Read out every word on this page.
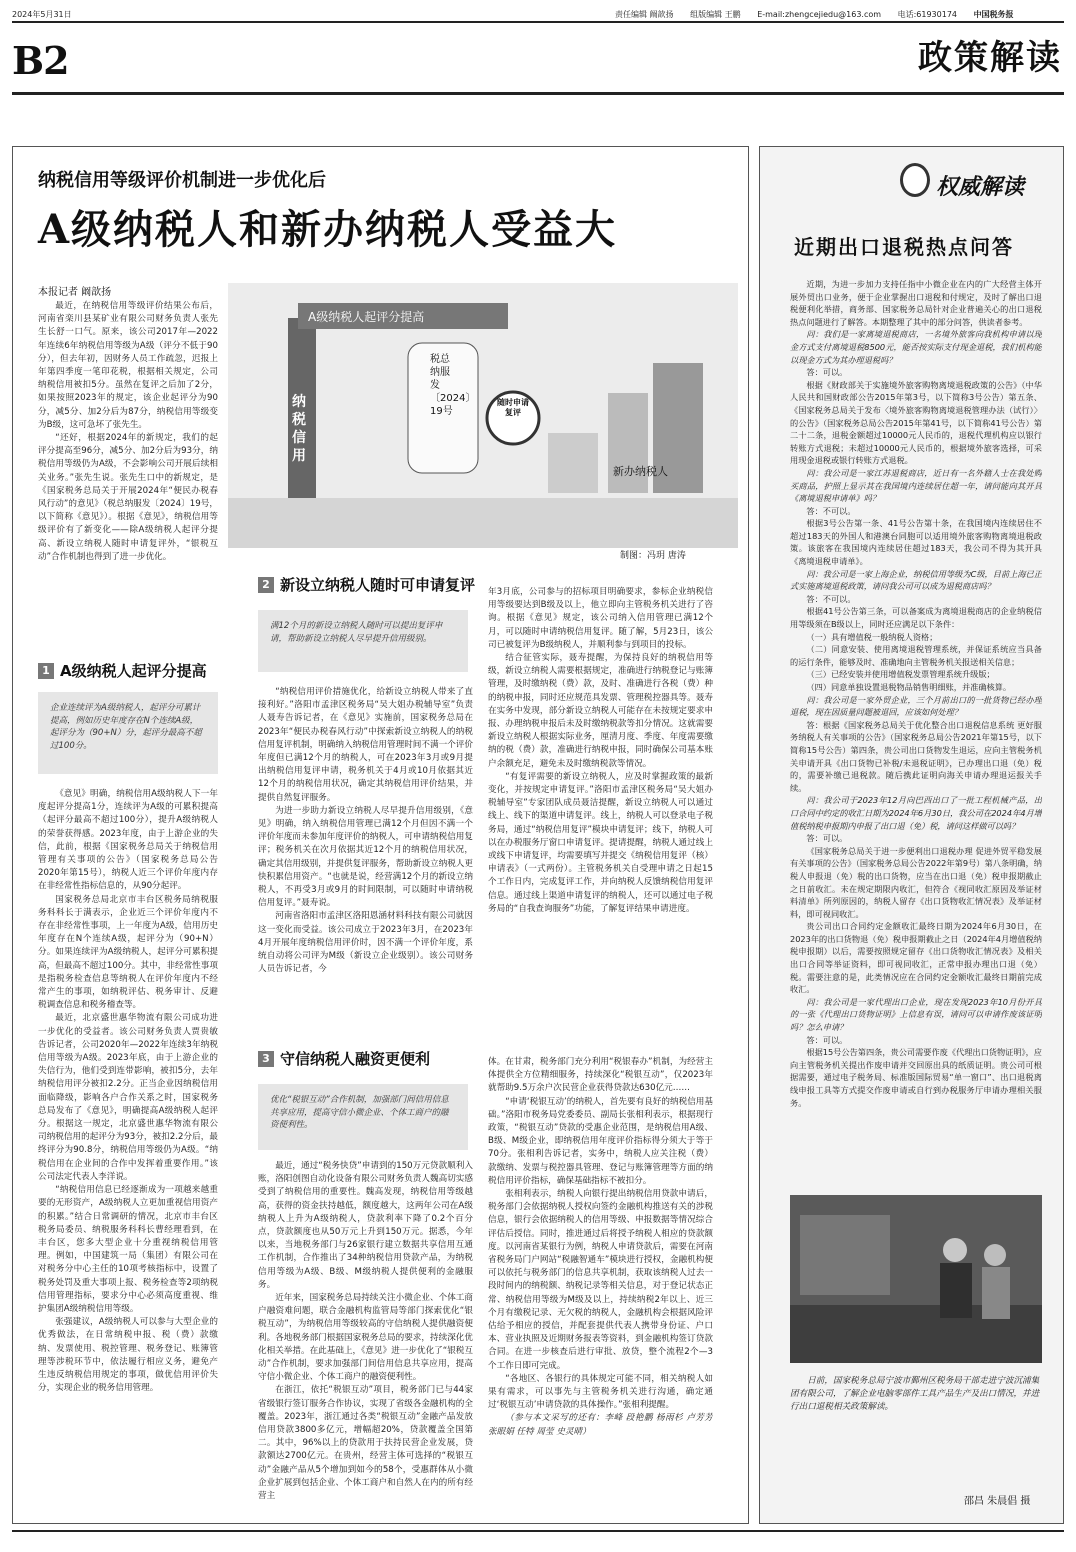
2024年5月31日	责任编辑 阚歆扬 组版编辑 王鹏 E-mail:zhengcejiedu@163.com 电话:61930174 中国税务报
B2	政策解读
纳税信用等级评价机制进一步优化后
A级纳税人和新办纳税人受益大
本报记者 阚歆扬

最近，在纳税信用等级评价结果公布后，河南省栾川县某矿业有限公司财务负责人张先生长舒一口气。原来，该公司2017年—2022年连续6年纳税信用等级为A级（评分不低于90分），但去年初，因财务人员工作疏忽，迟报上年第四季度一笔印花税，根据相关规定，公司纳税信用被扣5分。虽然在复评之后加了2分，如果按照2023年的规定，该企业起评分为90分，减5分、加2分后为87分，纳税信用等级变为B级，这可急坏了张先生。

“还好，根据2024年的新规定，我们的起评分提高至96分，减5分、加2分后为93分，纳税信用等级仍为A级，不会影响公司开展后续相关业务。”张先生说。张先生口中的新规定，是《国家税务总局关于开展2024年“便民办税春风行动”的意见》（税总纳服发〔2024〕19号，以下简称《意见》）。根据《意见》，纳税信用等级评价有了新变化——除A级纳税人起评分提高、新设立纳税人随时申请复评外，“银税互动”合作机制也得到了进一步优化。

1 A级纳税人起评分提高
企业连续评为A级纳税人，起评分可累计提高，例如历史年度存在N个连续A级，起评分为（90+N）分，起评分最高不超过100分。

《意见》明确，纳税信用A级纳税人下一年度起评分提高1分，连续评为A级的可累积提高（起评分最高不超过100分），提升A级纳税人的荣誉获得感。2023年度，由于上游企业的失信，此前，根据《国家税务总局关于纳税信用管理有关事项的公告》（国家税务总局公告2020年第15号），纳税人近三个评价年度内存在非经常性指标信息的，从90分起评。

国家税务总局北京市丰台区税务局纳税服务科科长于满表示，企业近三个评价年度内不存在非经常性事项，上一年度为A级，信用历史年度存在N个连续A级，起评分为（90+N）分。如果连续评为A级纳税人，起评分可累积提高，但最高不超过100分。其中，非经常性事项是指税务检查信息等纳税人在评价年度内不经常产生的事项，如纳税评估、税务审计、反避税调查信息和税务稽查等。

最近，北京盛世惠华物流有限公司成功进一步优化的受益者。该公司财务负责人贾贵敏告诉记者，公司2020年—2022年连续3年纳税信用等级为A级。2023年底，由于上游企业的失信行为，他们受到连带影响，被扣5分，去年纳税信用评分被扣2.2分。正当企业因纳税信用面临降级，影响各户合作关系之时，国家税务总局发布了《意见》，明确提高A级纳税人起评分。根据这一规定，北京盛世惠华物流有限公司纳税信用的起评分为93分，被扣2.2分后，最终评分为90.8分，纳税信用等级仍为A级。“纳税信用在企业间的合作中发挥着重要作用。”该公司法定代表人李洋说。

“纳税信用信息已经逐渐成为一项越来越重要的无形资产，A级纳税人立更加重视信用资产的积累。”结合日常调研的情况，北京市丰台区税务局委员、纳税服务科科长曹经理看到，在丰台区，您多大型企业十分重视纳税信用管理。例如，中国建筑一局（集团）有限公司在对税务分中心主任的10项考核指标中，设置了税务处罚及重大事项上报、税务检查等2项纳税信用管理指标，要求分中心必须高度重视、维护集团A级纳税信用等级。

张强建议，A级纳税人可以参与大型企业的优秀做法，在日常纳税申报、税（费）款缴纳、发票使用、税控管理、税务登记、账簿管理等涉税环节中，依法履行相应义务，避免产生违反纳税信用规定的事项，做优信用评价失分，实现企业的税务信用管理。

A级纳税人起评分提高
纳税信用
税总纳服发〔2024〕19号
随时申请复评
新办纳税人
制图：冯玥 唐涛
2 新设立纳税人随时可申请复评
满12个月的新设立纳税人随时可以提出复评申请，帮助新设立纳税人尽早提升信用级别。

“纳税信用评价措施优化，给新设立纳税人带来了直接利好。”洛阳市孟津区税务局“吴大姐办税辅导室”负责人聂寿告诉记者，在《意见》实施前，国家税务总局在2023年“便民办税春风行动”中探索新设立纳税人的纳税信用复评机制，明确纳入纳税信用管理时间不满一个评价年度但已满12个月的纳税人，可在2023年3月或9月提出纳税信用复评申请，税务机关于4月或10月依据其近12个月的纳税信用状况，确定其纳税信用评价结果，并提供自然复评服务。

为进一步助力新设立纳税人尽早提升信用级别，《意见》明确，纳入纳税信用管理已满12个月但因不满一个评价年度而未参加年度评价的纳税人，可申请纳税信用复评；税务机关在次月依据其近12个月的纳税信用状况，确定其信用级别，并提供复评服务，帮助新设立纳税人更快积累信用资产。“也就是说，经营满12个月的新设立纳税人，不再受3月或9月的时间限制，可以随时申请纳税信用复评。”聂寿说。

河南省洛阳市孟津区洛阳恩涵材料科技有限公司就因这一变化而受益。该公司成立于2023年3月，在2023年4月开展年度纳税信用评价时，因不满一个评价年度，系统自动将公司评为M级（新设立企业级别）。该公司财务人员告诉记者，今

年3月底，公司参与的招标项目明确要求，参标企业纳税信用等级要达到B级及以上，他立即向主管税务机关进行了咨询。根据《意见》规定，该公司纳入信用管理已满12个月，可以随时申请纳税信用复评。随了解，5月23日，该公司已被复评为B级纳税人，并顺利参与到项目的投标。

结合征管实际，聂寿提醒，为保持良好的纳税信用等级，新设立纳税人需要根据规定，准确进行纳税登记与账簿管理，及时缴纳税（费）款，及时、准确进行各税（费）种的纳税申报，同时还应规范具发票、管理税控器具等。聂寿在实务中发现，部分新设立纳税人可能存在未按规定要求申报、办理纳税申报后未及时缴纳税款等扣分情况。这就需要新设立纳税人根据实际业务，厘清月度、季度、年度需要缴纳的税（费）款，准确进行纳税申报，同时确保公司基本账户余额充足，避免未及时缴纳税款等情况。

“有复评需要的新设立纳税人，应及时掌握政策的最新变化，并按规定申请复评。”洛阳市孟津区税务局“吴大姐办税辅导室”专家团队成员聂洁提醒，新设立纳税人可以通过线上、线下的渠道申请复评。线上，纳税人可以登录电子税务局，通过“纳税信用复评”模块申请复评；线下，纳税人可以在办税服务厅窗口申请复评。提请提醒，纳税人通过线上或线下申请复评，均需要填写并提交《纳税信用复评（核）申请表》（一式两份）。主管税务机关自受理申请之日起15个工作日内，完成复评工作，并向纳税人反馈纳税信用复评信息。通过线上渠道申请复评的纳税人，还可以通过电子税务局的“自我查询服务”功能，了解复评结果申请进度。

3 守信纳税人融资更便利
优化“税银互动”合作机制，加强部门间信用信息共享应用，提高守信小微企业、个体工商户的融资便利性。

最近，通过“税务快贷”申请到的150万元贷款顺利入账，洛阳创图自动化设备有限公司财务负责人魏高切实感受到了纳税信用的重要性。魏高发现，纳税信用等级越高，获得的资金扶持越低，额度越大，这两年公司在A级纳税人上升为A级纳税人，贷款利率下降了0.2个百分点，贷款额度也从50万元上升到150万元。据悉，今年以来，当地税务部门与26家银行建立数据共享信用互通工作机制，合作推出了34种纳税信用贷款产品，为纳税信用等级为A级、B级、M级纳税人提供便利的金融服务。

近年来，国家税务总局持续关注小微企业、个体工商户融资难问题，联合金融机构监管局等部门探索优化“银税互动”，为纳税信用等级较高的守信纳税人提供融资便利。各地税务部门根据国家税务总局的要求，持续深化优化相关举措。在此基础上，《意见》进一步优化了“银税互动”合作机制，要求加强部门间信用信息共享应用，提高守信小微企业、个体工商户的融资便利性。

在浙江，依托“税银互动”项目，税务部门已与44家省级银行签订服务合作协议，实现了省级各金融机构的全覆盖。2023年，浙江通过各类“税银互动”金融产品发放信用贷款3800多亿元，增幅超20%，贷款覆盖全国第二。其中，96%以上的贷款用于扶持民营企业发展，贷款额达2700亿元。在贵州，经营主体可选择的“税银互动”金融产品从5个增加到如今的58个，受惠群体从小微企业扩展到包括企业、个体工商户和自然人在内的所有经营主

体。在甘肃，税务部门充分利用“税银春办”机制，为经营主体提供全方位精细服务，持续深化“税银互动”，仅2023年就帮助9.5万余户次民营企业获得贷款达630亿元……

“申请‘税银互动’的纳税人，首先要有良好的纳税信用基础。”洛阳市税务局党委委员、副局长张相利表示，根据现行政策，“税银互动”贷款的受惠企业范围，是纳税信用A级、B级、M级企业，即纳税信用年度评价指标得分须大于等于70分。张相利告诉记者，实务中，纳税人应关注税（费）款缴纳、发票与税控器具管理、登记与账簿管理等方面的纳税信用评价指标，确保基础指标不被扣分。

张相利表示，纳税人向银行提出纳税信用贷款申请后，税务部门会依据纳税人授权向签约金融机构推送有关的涉税信息，银行会依据纳税人的信用等级、申报数据等情况综合评估后授信。同时，推进通过后将授予纳税人相应的贷款额度。以河南省某银行为例，纳税人申请贷款后，需要在河南省税务局门户网站“税融智通车”模块进行授权，金融机构便可以依托与税务部门的信息共享机制，获取该纳税人过去一段时间内的纳税额、纳税记录等相关信息，对于登记状态正常、纳税信用等级为M级及以上，持续纳税2年以上、近三个月有缴税记录、无欠税的纳税人，金融机构会根据风险评估给予相应的授信，并配套提供代表人携带身份证、户口本、营业执照及近期财务报表等资料，到金融机构签订贷款合同。在进一步核查后进行审批、放贷，整个流程2个—3个工作日即可完成。

“各地区、各银行的具体规定可能不同，相关纳税人如果有需求，可以事先与主管税务机关进行沟通，确定通过‘税银互动’申请贷款的具体操作。”张相利提醒。

（参与本文采写的还有：李峰 段艳鹏 杨雨杉 卢芳芳 张眼娟 任特 周莹 史灵晴）

权威解读
近期出口退税热点问答

近期，为进一步加力支持任指中小微企业在内的广大经营主体开展外贸出口业务，便于企业掌握出口退税和付规定，及时了解出口退税便利化举措，商务部、国家税务总局针对企业普遍关心的出口退税热点问题进行了解答。本期整理了其中的部分问答，供读者参考。

问：我们是一家离境退税商店，一名境外旅客向我机构申请以现金方式支付离境退税8500元，能否按实际支付现金退税，我们机构能以现金方式为其办理退税吗？

答：可以。

根据《财政部关于实施境外旅客购物离境退税政策的公告》（中华人民共和国财政部公告2015年第3号，以下简称3号公告）第五条、《国家税务总局关于发布〈境外旅客购物离境退税管理办法（试行）〉的公告》（国家税务总局公告2015年第41号，以下简称41号公告）第二十二条，退税金额超过10000元人民币的，退税代理机构应以银行转账方式退税；未超过10000元人民币的，根据境外旅客选择，可采用现金退税或银行转账方式退税。

问：我公司是一家江苏退税商店，近日有一名外籍人士在我处购买商品，护照上显示其在我国境内连续居住超一年，请问能向其开具《离境退税申请单》吗？

答：不可以。

根据3号公告第一条、41号公告第十条，在我国境内连续居住不超过183天的外国人和港澳台同胞可以适用境外旅客购物离境退税政策。该旅客在我国境内连续居住超过183天，我公司不得为其开具《离境退税申请单》。

问：我公司是一家上海企业，纳税信用等级为C级，目前上海已正式实施离境退税政策，请问我公司可以成为退税商店吗？

答：不可以。

根据41号公告第三条，可以备案成为离境退税商店的企业纳税信用等级须在B级以上，同时还应满足以下条件：

（一）具有增值税一般纳税人资格；

（二）同意安装、使用离境退税管理系统，并保证系统应当具备的运行条件，能够及时、准确地向主管税务机关报送相关信息；

（三）已经安装并使用增值税发票管理系统升级版；

（四）同意单独设置退税物品销售明细账，并准确核算。

问：我公司是一家外贸企业，三个月前出口的一批货物已经办理退税，现在因质量问题被退回，应该如何处理？

答：根据《国家税务总局关于优化整合出口退税信息系统 更好服务纳税人有关事项的公告》（国家税务总局公告2021年第15号，以下简称15号公告）第四条，贵公司出口货物发生退运，应向主管税务机关申请开具《出口货物已补税/未退税证明》，已办理出口退（免）税的，需要补缴已退税款。随后携此证明向海关申请办理退运报关手续。

问：我公司于2023年12月向巴西出口了一批工程机械产品，出口合同中约定的收汇日期为2024年6月30日，我公司在2024年4月增值税纳税申报期内申报了出口退（免）税，请问这样做可以吗？

答：可以。

《国家税务总局关于进一步便利出口退税办理 促进外贸平稳发展有关事项的公告》（国家税务总局公告2022年第9号）第八条明确，纳税人申报退（免）税的出口货物，应当在出口退（免）税申报期截止之日前收汇。未在规定期限内收汇，但符合《视同收汇原因及举证材料清单》所列原因的，纳税人留存《出口货物收汇情况表》及举证材料，即可视同收汇。

贵公司出口合同约定金额收汇最终日期为2024年6月30日，在2023年的出口货物退（免）税申报期截止之日（2024年4月增值税纳税申报期）以后，需要按照规定留存《出口货物收汇情况表》及相关出口合同等举证资料，即可视同收汇，正常申报办理出口退（免）税。需要注意的是，此类情况应在合同约定金额收汇最终日期前完成收汇。

问：我公司是一家代理出口企业，现在发现2023年10月份开具的一张《代理出口货物证明》上信息有误，请问可以申请作废该证明吗？怎么申请？

答：可以。

根据15号公告第四条，贵公司需要作废《代理出口货物证明》，应向主管税务机关提出作废申请并交回原出具的纸质证明。贵公司可根据需要，通过电子税务局、标准版国际贸易“单一窗口”、出口退税离线申报工具等方式提交作废申请或自行到办税服务厅申请办理相关服务。

日前，国家税务总局宁波市鄞州区税务局干部走进宁波沉浦集团有限公司，了解企业电脑零部件工具产品生产及出口情况，并进行出口退税相关政策解读。
邵昌 朱晨倡 摄
